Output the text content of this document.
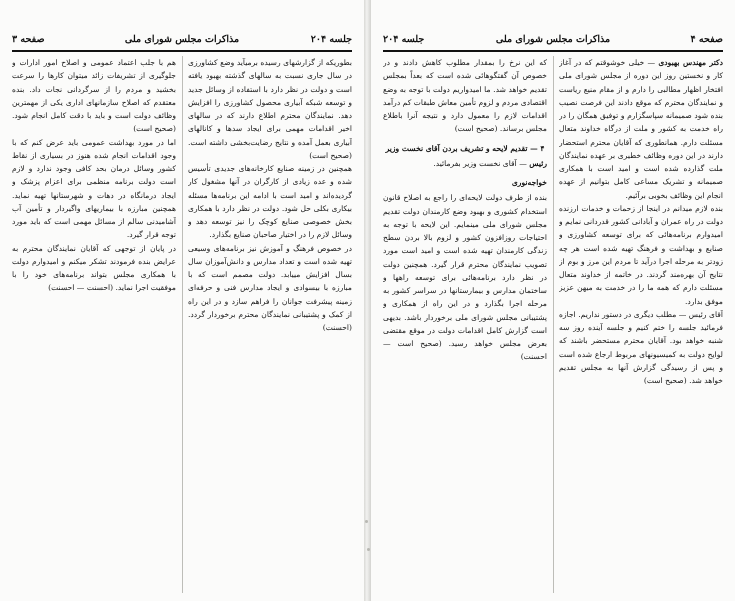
جلسه ۲۰۴
مذاکرات مجلس شورای ملی
صفحه ۳

بطوریکه از گزارشهای رسیده برمیآید وضع کشاورزی در سال جاری نسبت به سالهای گذشته بهبود یافته است و دولت در نظر دارد با استفاده از وسائل جدید و توسعه شبکه آبیاری محصول کشاورزی را افزایش دهد. نمایندگان محترم اطلاع دارند که در سالهای اخیر اقدامات مهمی برای ایجاد سدها و کانالهای آبیاری بعمل آمده و نتایج رضایت‌بخشی داشته است. (صحیح است)

همچنین در زمینه صنایع کارخانه‌های جدیدی تأسیس شده و عده زیادی از کارگران در آنها مشغول کار گردیده‌اند و امید است با ادامه این برنامه‌ها مسئله بیکاری بکلی حل شود. دولت در نظر دارد با همکاری بخش خصوصی صنایع کوچک را نیز توسعه دهد و وسائل لازم را در اختیار صاحبان صنایع بگذارد.

در خصوص فرهنگ و آموزش نیز برنامه‌های وسیعی تهیه شده است و تعداد مدارس و دانش‌آموزان سال بسال افزایش مییابد. دولت مصمم است که با مبارزه با بیسوادی و ایجاد مدارس فنی و حرفه‌ای زمینه پیشرفت جوانان را فراهم سازد و در این راه از کمک و پشتیبانی نمایندگان محترم برخوردار گردد. (احسنت)

هم با جلب اعتماد عمومی و اصلاح امور ادارات و جلوگیری از تشریفات زائد میتوان کارها را سرعت بخشید و مردم را از سرگردانی نجات داد. بنده معتقدم که اصلاح سازمانهای اداری یکی از مهمترین وظائف دولت است و باید با دقت کامل انجام شود. (صحیح است)

اما در مورد بهداشت عمومی باید عرض کنم که با وجود اقدامات انجام شده هنوز در بسیاری از نقاط کشور وسائل درمان بحد کافی وجود ندارد و لازم است دولت برنامه منظمی برای اعزام پزشک و ایجاد درمانگاه در دهات و شهرستانها تهیه نماید. همچنین مبارزه با بیماریهای واگیردار و تأمین آب آشامیدنی سالم از مسائل مهمی است که باید مورد توجه قرار گیرد.

در پایان از توجهی که آقایان نمایندگان محترم به عرایض بنده فرمودند تشکر میکنم و امیدوارم دولت با همکاری مجلس بتواند برنامه‌های خود را با موفقیت اجرا نماید. (احسنت — احسنت)

صفحه ۴
مذاکرات مجلس شورای ملی
جلسه ۲۰۴

دکتر مهندس بهبودی — خیلی خوشوقتم که در آغاز کار و نخستین روز این دوره از مجلس شورای ملی افتخار اظهار مطالبی را دارم و از مقام منیع ریاست و نمایندگان محترم که موقع دادند این فرصت نصیب بنده شود صمیمانه سپاسگزارم و توفیق همگان را در راه خدمت به کشور و ملت از درگاه خداوند متعال مسئلت دارم. همانطوری که آقایان محترم استحضار دارند در این دوره وظائف خطیری بر عهده نمایندگان ملت گذارده شده است و امید است با همکاری صمیمانه و تشریک مساعی کامل بتوانیم از عهده انجام این وظائف بخوبی برآئیم.

بنده لازم میدانم در اینجا از زحمات و خدمات ارزنده دولت در راه عمران و آبادانی کشور قدردانی نمایم و امیدوارم برنامه‌هائی که برای توسعه کشاورزی و صنایع و بهداشت و فرهنگ تهیه شده است هر چه زودتر به مرحله اجرا درآید تا مردم این مرز و بوم از نتایج آن بهره‌مند گردند. در خاتمه از خداوند متعال مسئلت دارم که همه ما را در خدمت به میهن عزیز موفق بدارد.

آقای رئیس — مطلب دیگری در دستور نداریم. اجازه فرمائید جلسه را ختم کنیم و جلسه آینده روز سه شنبه خواهد بود. آقایان محترم مستحضر باشند که لوایح دولت به کمیسیونهای مربوط ارجاع شده است و پس از رسیدگی گزارش آنها به مجلس تقدیم خواهد شد. (صحیح است)

که این نرخ را بمقدار مطلوب کاهش دادند و در خصوص آن گفتگوهائی شده است که بعداً بمجلس تقدیم خواهد شد. ما امیدواریم دولت با توجه به وضع اقتصادی مردم و لزوم تأمین معاش طبقات کم درآمد اقدامات لازم را معمول دارد و نتیجه آنرا باطلاع مجلس برساند. (صحیح است)

۴ — تقدیم لایحه و تشریف بردن آقای نخست وزیر

رئیس — آقای نخست وزیر بفرمائید.

خواجه‌نوری

بنده از طرف دولت لایحه‌ای را راجع به اصلاح قانون استخدام کشوری و بهبود وضع کارمندان دولت تقدیم مجلس شورای ملی مینمایم. این لایحه با توجه به احتیاجات روزافزون کشور و لزوم بالا بردن سطح زندگی کارمندان تهیه شده است و امید است مورد تصویب نمایندگان محترم قرار گیرد. همچنین دولت در نظر دارد برنامه‌هائی برای توسعه راهها و ساختمان مدارس و بیمارستانها در سراسر کشور به مرحله اجرا بگذارد و در این راه از همکاری و پشتیبانی مجلس شورای ملی برخوردار باشد. بدیهی است گزارش کامل اقدامات دولت در موقع مقتضی بعرض مجلس خواهد رسید. (صحیح است — احسنت)
